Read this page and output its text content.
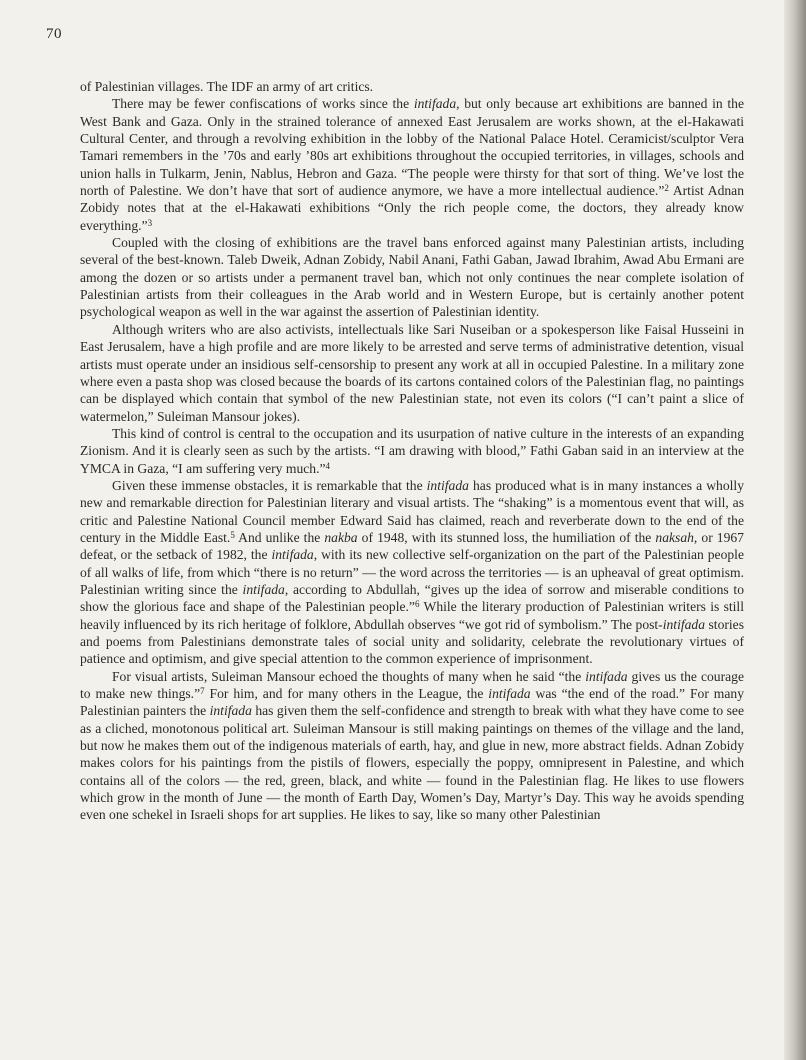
70

of Palestinian villages. The IDF an army of art critics.

There may be fewer confiscations of works since the intifada, but only because art exhibitions are banned in the West Bank and Gaza. Only in the strained tolerance of annexed East Jerusalem are works shown, at the el-Hakawati Cultural Center, and through a revolving exhibition in the lobby of the National Palace Hotel. Ceramicist/sculptor Vera Tamari remembers in the ’70s and early ’80s art exhibitions throughout the occupied territories, in villages, schools and union halls in Tulkarm, Jenin, Nablus, Hebron and Gaza. “The people were thirsty for that sort of thing. We’ve lost the north of Palestine. We don’t have that sort of audience anymore, we have a more intellectual audience.”$^2$ Artist Adnan Zobidy notes that at the el-Hakawati exhibitions “Only the rich people come, the doctors, they already know everything.”$^3$

Coupled with the closing of exhibitions are the travel bans enforced against many Palestinian artists, including several of the best-known. Taleb Dweik, Adnan Zobidy, Nabil Anani, Fathi Gaban, Jawad Ibrahim, Awad Abu Ermani are among the dozen or so artists under a permanent travel ban, which not only continues the near complete isolation of Palestinian artists from their colleagues in the Arab world and in Western Europe, but is certainly another potent psychological weapon as well in the war against the assertion of Palestinian identity.

Although writers who are also activists, intellectuals like Sari Nuseiban or a spokesperson like Faisal Husseini in East Jerusalem, have a high profile and are more likely to be arrested and serve terms of administrative detention, visual artists must operate under an insidious self-censorship to present any work at all in occupied Palestine. In a military zone where even a pasta shop was closed because the boards of its cartons contained colors of the Palestinian flag, no paintings can be displayed which contain that symbol of the new Palestinian state, not even its colors (“I can’t paint a slice of watermelon,” Suleiman Mansour jokes).

This kind of control is central to the occupation and its usurpation of native culture in the interests of an expanding Zionism. And it is clearly seen as such by the artists. “I am drawing with blood,” Fathi Gaban said in an interview at the YMCA in Gaza, “I am suffering very much.”$^4$

Given these immense obstacles, it is remarkable that the intifada has produced what is in many instances a wholly new and remarkable direction for Palestinian literary and visual artists. The “shaking” is a momentous event that will, as critic and Palestine National Council member Edward Said has claimed, reach and reverberate down to the end of the century in the Middle East.$^5$ And unlike the nakba of 1948, with its stunned loss, the humiliation of the naksah, or 1967 defeat, or the setback of 1982, the intifada, with its new collective self-organization on the part of the Palestinian people of all walks of life, from which “there is no return” — the word across the territories — is an upheaval of great optimism. Palestinian writing since the intifada, according to Abdullah, “gives up the idea of sorrow and miserable conditions to show the glorious face and shape of the Palestinian people.”$^6$ While the literary production of Palestinian writers is still heavily influenced by its rich heritage of folklore, Abdullah observes “we got rid of symbolism.” The post-intifada stories and poems from Palestinians demonstrate tales of social unity and solidarity, celebrate the revolutionary virtues of patience and optimism, and give special attention to the common experience of imprisonment.

For visual artists, Suleiman Mansour echoed the thoughts of many when he said “the intifada gives us the courage to make new things.”$^7$ For him, and for many others in the League, the intifada was “the end of the road.” For many Palestinian painters the intifada has given them the self-confidence and strength to break with what they have come to see as a cliched, monotonous political art. Suleiman Mansour is still making paintings on themes of the village and the land, but now he makes them out of the indigenous materials of earth, hay, and glue in new, more abstract fields. Adnan Zobidy makes colors for his paintings from the pistils of flowers, especially the poppy, omnipresent in Palestine, and which contains all of the colors — the red, green, black, and white — found in the Palestinian flag. He likes to use flowers which grow in the month of June — the month of Earth Day, Women’s Day, Martyr’s Day. This way he avoids spending even one schekel in Israeli shops for art supplies. He likes to say, like so many other Palestinian
